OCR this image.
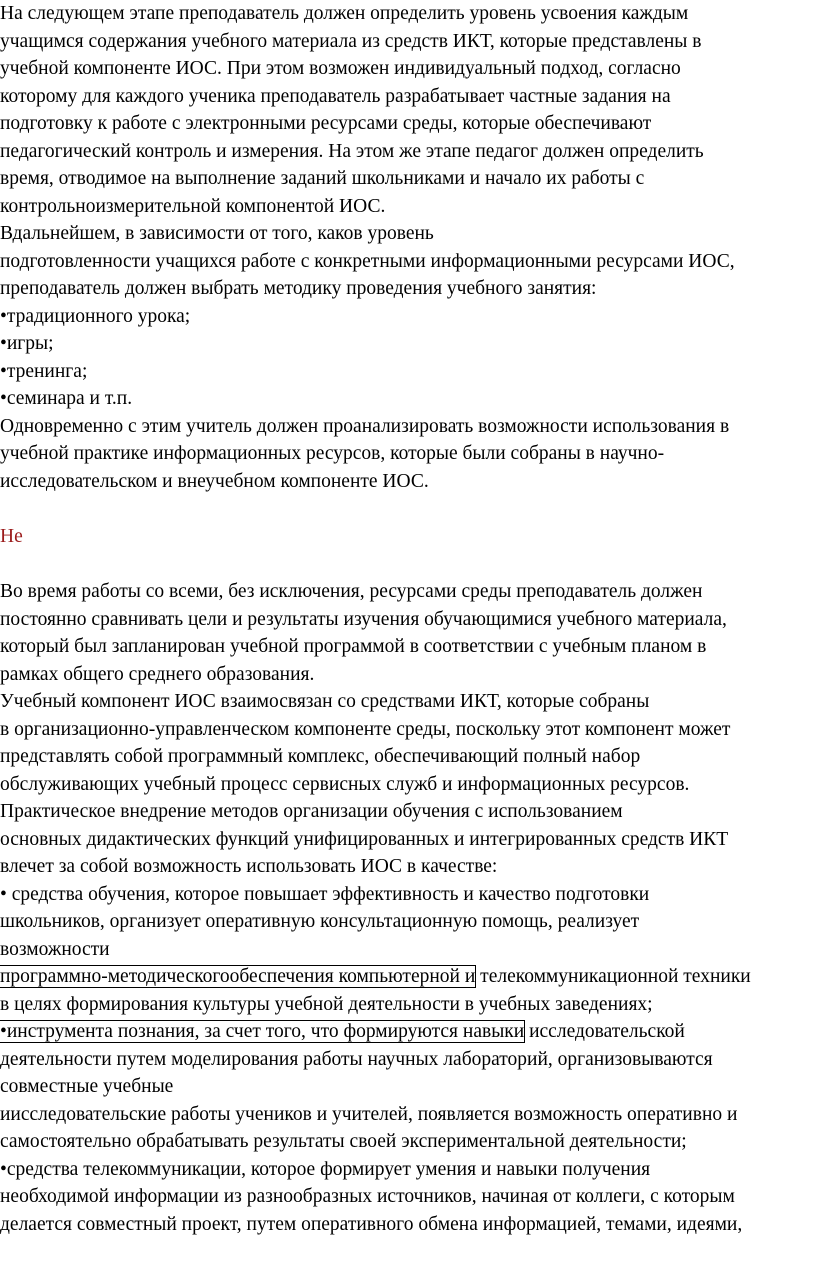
На следующем этапе преподаватель должен определить уровень усвоения каждым
учащимся содержания учебного материала из средств ИКТ, которые представлены в
учебной компоненте ИОС. При этом возможен индивидуальный подход, согласно
которому для каждого ученика преподаватель разрабатывает частные задания на
подготовку к работе с электронными ресурсами среды, которые обеспечивают
педагогический контроль и измерения. На этом же этапе педагог должен определить
время, отводимое на выполнение заданий школьниками и начало их работы с
контрольноизмерительной компонентой ИОС.
Вдальнейшем, в зависимости от того, каков уровень
подготовленности учащихся работе с конкретными информационными ресурсами ИОС,
преподаватель должен выбрать методику проведения учебного занятия:
•традиционного урока;
•игры;
•тренинга;
•семинара и т.п.
Одновременно с этим учитель должен проанализировать возможности использования в
учебной практике информационных ресурсов, которые были собраны в научно-
исследовательском и внеучебном компоненте ИОС.
Не
Во время работы со всеми, без исключения, ресурсами среды преподаватель должен
постоянно сравнивать цели и результаты изучения обучающимися учебного материала,
который был запланирован учебной программой в соответствии с учебным планом в
рамках общего среднего образования.
Учебный компонент ИОС взаимосвязан со средствами ИКТ, которые собраны
в организационно-управленческом компоненте среды, поскольку этот компонент может
представлять собой программный комплекс, обеспечивающий полный набор
обслуживающих учебный процесс сервисных служб и информационных ресурсов.
Практическое внедрение методов организации обучения с использованием
основных дидактических функций унифицированных и интегрированных средств ИКТ
влечет за собой возможность использовать ИОС в качестве:
• средства обучения, которое повышает эффективность и качество подготовки
школьников, организует оперативную консультационную помощь, реализует
возможности
программно-методическогообеспечения компьютерной и телекоммуникационной техники
в целях формирования культуры учебной деятельности в учебных заведениях;
•инструмента познания, за счет того, что формируются навыки исследовательской
деятельности путем моделирования работы научных лабораторий, организовываются
совместные учебные
иисследовательские работы учеников и учителей, появляется возможность оперативно и
самостоятельно обрабатывать результаты своей экспериментальной деятельности;
•средства телекоммуникации, которое формирует умения и навыки получения
необходимой информации из разнообразных источников, начиная от коллеги, с которым
делается совместный проект, путем оперативного обмена информацией, темами, идеями,
